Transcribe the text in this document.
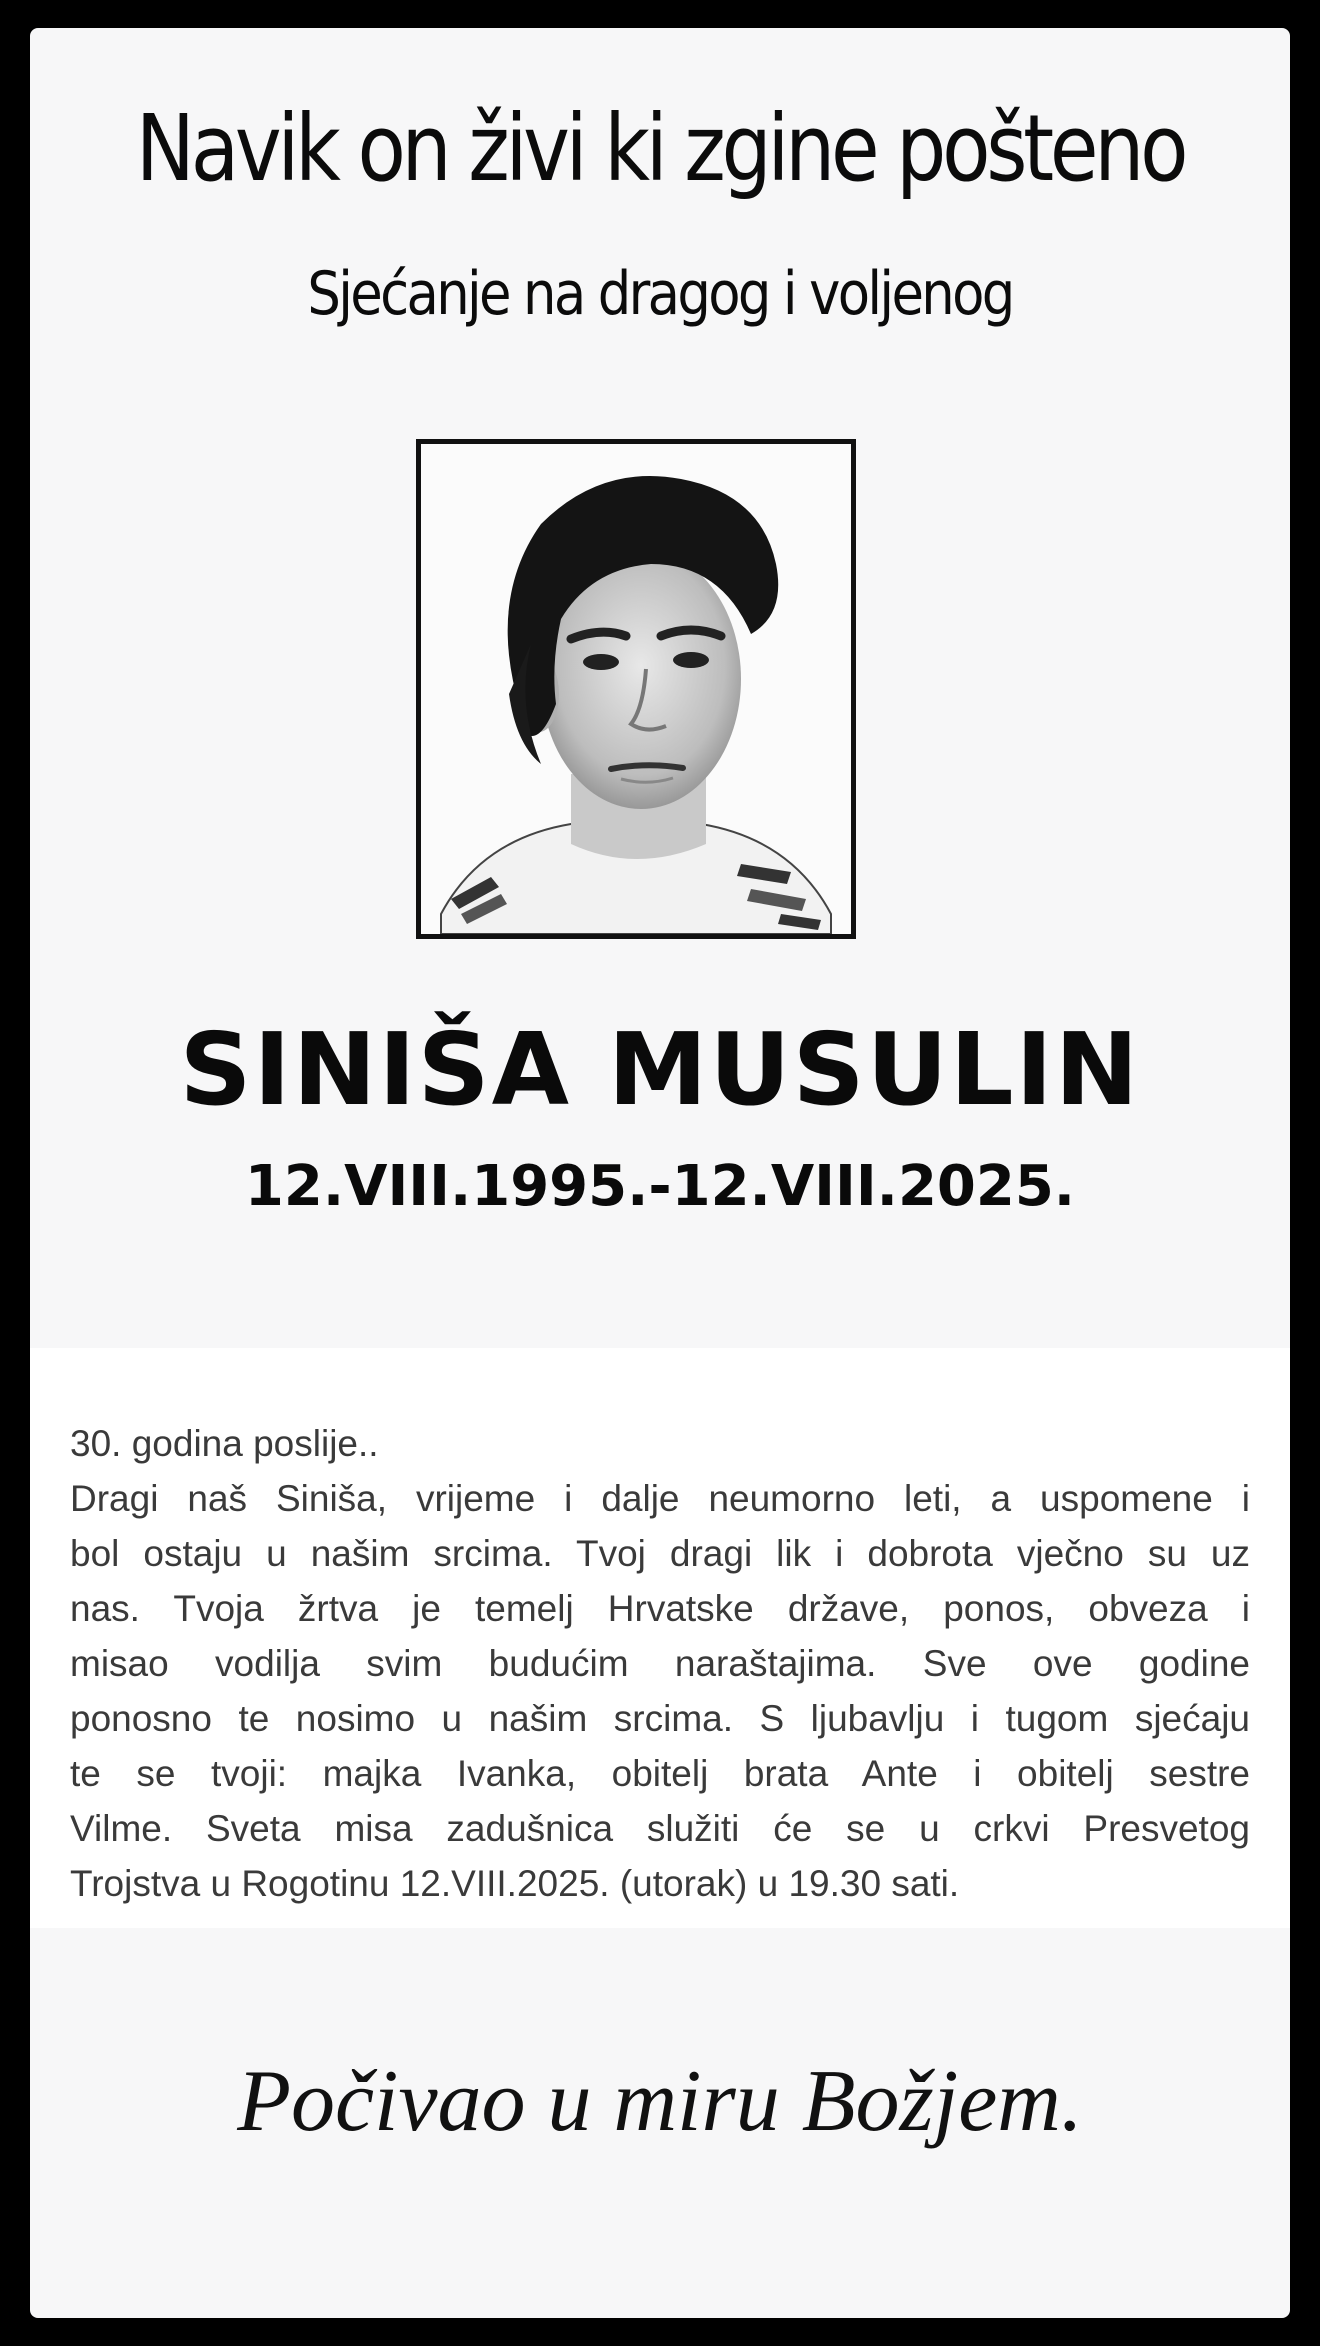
Navik on živi ki zgine pošteno
Sjećanje na dragog i voljenog
SINIŠA MUSULIN
12.VIII.1995.-12.VIII.2025.
30. godina poslije..
Dragi naš Siniša, vrijeme i dalje neumorno leti, a uspomene i
bol ostaju u našim srcima. Tvoj dragi lik i dobrota vječno su uz
nas. Tvoja žrtva je temelj Hrvatske države, ponos, obveza i
misao vodilja svim budućim naraštajima. Sve ove godine
ponosno te nosimo u našim srcima. S ljubavlju i tugom sjećaju
te se tvoji: majka Ivanka, obitelj brata Ante i obitelj sestre
Vilme. Sveta misa zadušnica služiti će se u crkvi Presvetog
Trojstva u Rogotinu 12.VIII.2025. (utorak) u 19.30 sati.
Počivao u miru Božjem.
